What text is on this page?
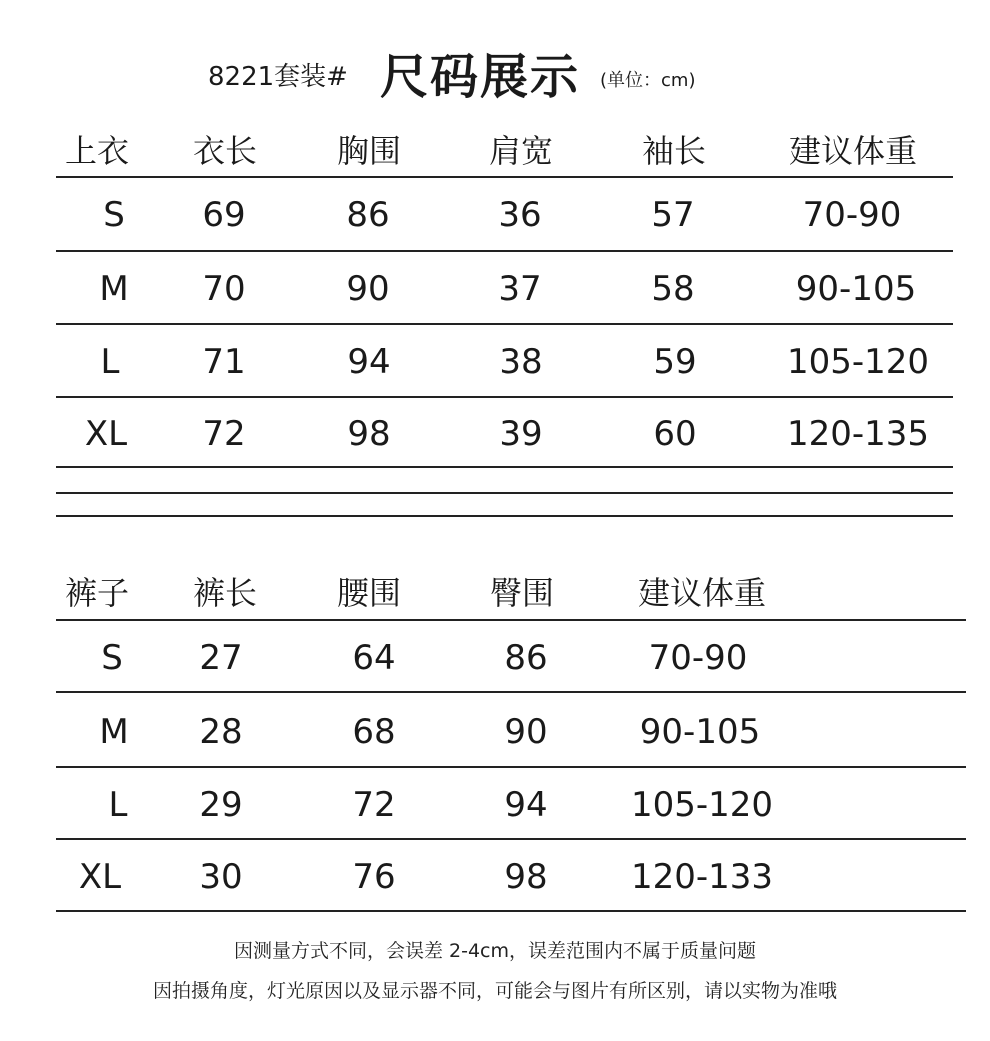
8221套装# 尺码展示 (单位：cm)
上衣 衣长 胸围	肩宽	袖长	建议体重
S 69	86	36	57	70-90
M 70	90	37	58	90-105
L 71	94	38	59	105-120
XL 72	98	39	60	120-135
裤子 裤长 腰围	臀围	建议体重
S 27	64	86	70-90
M 28	68	90	90-105
L 29	72	94 105-120
XL 30	76	98 120-133
因测量方式不同，会误差 2-4cm，误差范围内不属于质量问题
因拍摄角度，灯光原因以及显示器不同，可能会与图片有所区别，请以实物为准哦
